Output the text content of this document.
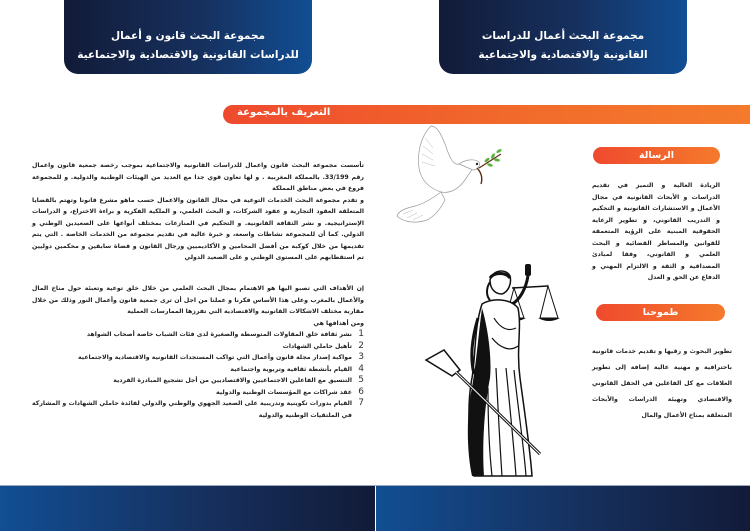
مجموعة البحث قانون و أعمال
للدراسات القانونية والاقتصادية والاجتماعية
مجموعة البحث أعمال للدراسات
القانونية والاقتصادية والاجتماعية
التعريف بالمجموعة

تأسست مجموعة البحث قانون واعمال للدراسات القانونية والاجتماعية بموجب رخصة جمعية قانون واعمال رقم 33/199. بالمملكة المغربية . و لها تعاون قوي جدا مع العديد من الهيئات الوطنية والدولية. و للمجموعة فروع في بعض مناطق المملكة

و تقدم مجموعة البحث الخدمات التوعية في مجال القانون والاعمال حسب ماهو مشرع قانونا وتهتم بالقضايا المتعلقة العقود التجارية و عقود الشركات، و البحث العلمي، و الملكية الفكرية و براءة الاختراع، و الدراسات الإستراتيجية. و نشر الثقافة القانونية. و التحكيم في المنازعات بمختلف أنواعها على الصعيدين الوطني و الدولي. كما أن للمجموعة نشاطات واسعة، و خبرة عالية في تقديم مجموعة من الخدمات الخاصة . التي يتم تقديمها من خلال كوكبة من أفضل المحامين و الأكاديميين ورجال القانون و قضاة سابقين و محكمين دوليين تم استقطابهم على المستوى الوطني و على الصعيد الدولي

إن الأهداف التي تصبو اليها هو الاهتمام بمجال البحث العلمي من خلال خلق توعية وتعبئة حول مناخ المال والأعمال بالمغرب وعلى هذا الأساس فكرنا و عملنا من اجل أن ترى جمعية قانون وأعمال النور وذلك من خلال مقاربة مختلف الاشكالات القانونية والاقتصادية التي تفرزها الممارسات العملية

ومن أهدافها هي

1
نشر ثقافة خلق المقاولات المتوسطة والصغيرة لدى فئات الشباب خاصة أصحاب الشواهد
2
تأهيل حاملي الشهادات
3
مواكبة إصدار مجلة قانون وأعمال التي تواكب المستجدات القانونية والاقتصادية والاجتماعية
4
القيام بأنشطة ثقافية وتربوية واجتماعية
5
التنسيق مع الفاعلين الاجتماعيين والاقتصاديين من أجل تشجيع المبادرة الفردية
6
عقد شراكات مع المؤسسات الوطنية والدولية
7
القيام بدورات تكوينية وتدريبية على الصعيد الجهوي والوطني والدولي لفائدة حاملي الشهادات و المشاركة في الملتقيات الوطنية والدولية
الرسالة
الريادة العالية و التميز في تقديم الدراسات و الأبحاث القانونية في مجال الأعمال و الاستشارات القانونية و التحكيم و التدريب القانوني، و تطوير الرعاية الحقوقية المبنية على الرؤية المتعمقة للقوانين والمساطر القضائية و البحث العلمي و القانوني، وفقا لمبادئ المصداقية و الثقة و الالتزام المهني و الدفاع عن الحق و العدل
طموحنا
تطوير البحوث و رقيها و تقديم خدمات قانونية باحترافية و مهنية عالية إضافة إلى تطوير العلاقات مع كل الفاعلين في الحقل القانوني والاقتصادي وتهيئة الدراسات والأبحاث المتعلقة بمناخ الأعمال والمال
